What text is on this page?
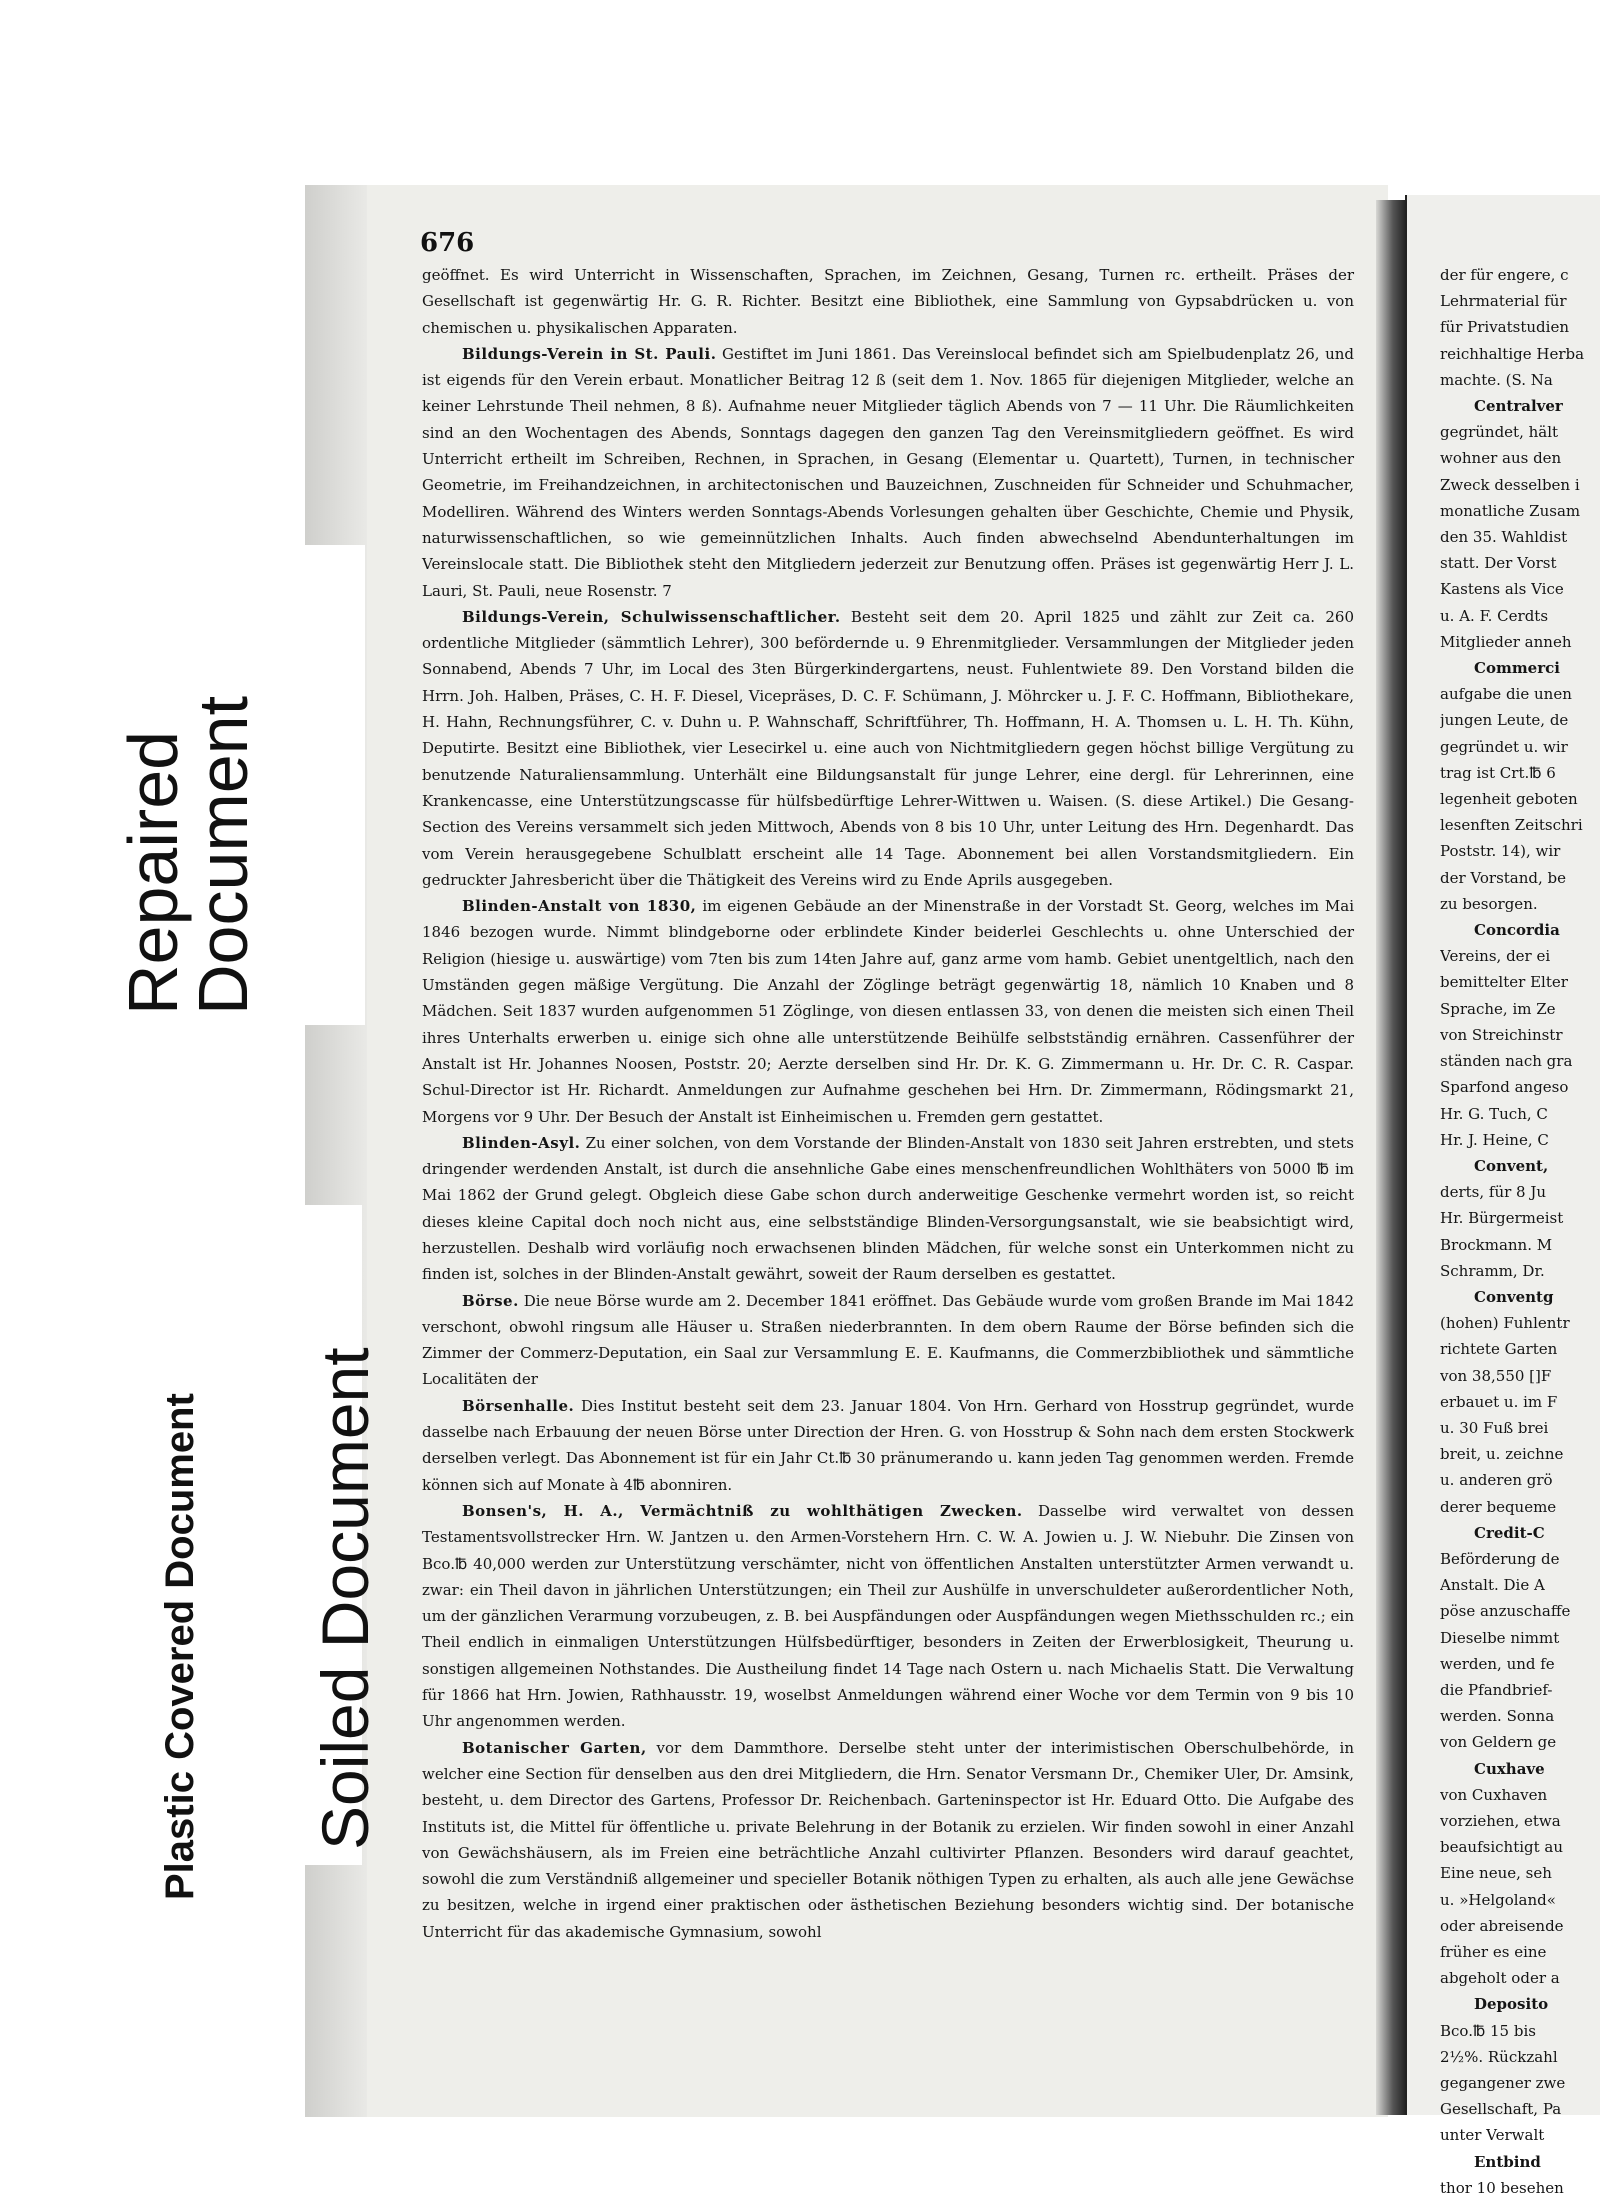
676

geöffnet. Es wird Unterricht in Wissenschaften, Sprachen, im Zeichnen, Gesang, Turnen rc. ertheilt. Präses der Gesellschaft ist gegenwärtig Hr. G. R. Richter. Besitzt eine Bibliothek, eine Sammlung von Gypsabdrücken u. von chemischen u. physikalischen Apparaten.

Bildungs-Verein in St. Pauli. Gestiftet im Juni 1861. Das Vereinslocal befindet sich am Spielbudenplatz 26, und ist eigends für den Verein erbaut. Monatlicher Beitrag 12 ß (seit dem 1. Nov. 1865 für diejenigen Mitglieder, welche an keiner Lehrstunde Theil nehmen, 8 ß). Aufnahme neuer Mitglieder täglich Abends von 7 — 11 Uhr. Die Räumlichkeiten sind an den Wochentagen des Abends, Sonntags dagegen den ganzen Tag den Vereinsmitgliedern geöffnet. Es wird Unterricht ertheilt im Schreiben, Rechnen, in Sprachen, in Gesang (Elementar u. Quartett), Turnen, in technischer Geometrie, im Freihandzeichnen, in architectonischen und Bauzeichnen, Zuschneiden für Schneider und Schuhmacher, Modelliren. Während des Winters werden Sonntags-Abends Vorlesungen gehalten über Geschichte, Chemie und Physik, naturwissenschaftlichen, so wie gemeinnützlichen Inhalts. Auch finden abwechselnd Abendunterhaltungen im Vereinslocale statt. Die Bibliothek steht den Mitgliedern jederzeit zur Benutzung offen. Präses ist gegenwärtig Herr J. L. Lauri, St. Pauli, neue Rosenstr. 7

Bildungs-Verein, Schulwissenschaftlicher. Besteht seit dem 20. April 1825 und zählt zur Zeit ca. 260 ordentliche Mitglieder (sämmtlich Lehrer), 300 befördernde u. 9 Ehrenmitglieder. Versammlungen der Mitglieder jeden Sonnabend, Abends 7 Uhr, im Local des 3ten Bürgerkindergartens, neust. Fuhlentwiete 89. Den Vorstand bilden die Hrrn. Joh. Halben, Präses, C. H. F. Diesel, Vicepräses, D. C. F. Schümann, J. Möhrcker u. J. F. C. Hoffmann, Bibliothekare, H. Hahn, Rechnungsführer, C. v. Duhn u. P. Wahnschaff, Schriftführer, Th. Hoffmann, H. A. Thomsen u. L. H. Th. Kühn, Deputirte. Besitzt eine Bibliothek, vier Lesecirkel u. eine auch von Nichtmitgliedern gegen höchst billige Vergütung zu benutzende Naturaliensammlung. Unterhält eine Bildungsanstalt für junge Lehrer, eine dergl. für Lehrerinnen, eine Krankencasse, eine Unterstützungscasse für hülfsbedürftige Lehrer-Wittwen u. Waisen. (S. diese Artikel.) Die Gesang-Section des Vereins versammelt sich jeden Mittwoch, Abends von 8 bis 10 Uhr, unter Leitung des Hrn. Degenhardt. Das vom Verein herausgegebene Schulblatt erscheint alle 14 Tage. Abonnement bei allen Vorstandsmitgliedern. Ein gedruckter Jahresbericht über die Thätigkeit des Vereins wird zu Ende Aprils ausgegeben.

Blinden-Anstalt von 1830, im eigenen Gebäude an der Minenstraße in der Vorstadt St. Georg, welches im Mai 1846 bezogen wurde. Nimmt blindgeborne oder erblindete Kinder beiderlei Geschlechts u. ohne Unterschied der Religion (hiesige u. auswärtige) vom 7ten bis zum 14ten Jahre auf, ganz arme vom hamb. Gebiet unentgeltlich, nach den Umständen gegen mäßige Vergütung. Die Anzahl der Zöglinge beträgt gegenwärtig 18, nämlich 10 Knaben und 8 Mädchen. Seit 1837 wurden aufgenommen 51 Zöglinge, von diesen entlassen 33, von denen die meisten sich einen Theil ihres Unterhalts erwerben u. einige sich ohne alle unterstützende Beihülfe selbstständig ernähren. Cassenführer der Anstalt ist Hr. Johannes Noosen, Poststr. 20; Aerzte derselben sind Hr. Dr. K. G. Zimmermann u. Hr. Dr. C. R. Caspar. Schul-Director ist Hr. Richardt. Anmeldungen zur Aufnahme geschehen bei Hrn. Dr. Zimmermann, Rödingsmarkt 21, Morgens vor 9 Uhr. Der Besuch der Anstalt ist Einheimischen u. Fremden gern gestattet.

Blinden-Asyl. Zu einer solchen, von dem Vorstande der Blinden-Anstalt von 1830 seit Jahren erstrebten, und stets dringender werdenden Anstalt, ist durch die ansehnliche Gabe eines menschenfreundlichen Wohlthäters von 5000 ℔ im Mai 1862 der Grund gelegt. Obgleich diese Gabe schon durch anderweitige Geschenke vermehrt worden ist, so reicht dieses kleine Capital doch noch nicht aus, eine selbstständige Blinden-Versorgungsanstalt, wie sie beabsichtigt wird, herzustellen. Deshalb wird vorläufig noch erwachsenen blinden Mädchen, für welche sonst ein Unterkommen nicht zu finden ist, solches in der Blinden-Anstalt gewährt, soweit der Raum derselben es gestattet.

Börse. Die neue Börse wurde am 2. December 1841 eröffnet. Das Gebäude wurde vom großen Brande im Mai 1842 verschont, obwohl ringsum alle Häuser u. Straßen niederbrannten. In dem obern Raume der Börse befinden sich die Zimmer der Commerz-Deputation, ein Saal zur Versammlung E. E. Kaufmanns, die Commerzbibliothek und sämmtliche Localitäten der

Börsenhalle. Dies Institut besteht seit dem 23. Januar 1804. Von Hrn. Gerhard von Hosstrup gegründet, wurde dasselbe nach Erbauung der neuen Börse unter Direction der Hren. G. von Hosstrup & Sohn nach dem ersten Stockwerk derselben verlegt. Das Abonnement ist für ein Jahr Ct.℔ 30 pränumerando u. kann jeden Tag genommen werden. Fremde können sich auf Monate à 4℔ abonniren.

Bonsen's, H. A., Vermächtniß zu wohlthätigen Zwecken. Dasselbe wird verwaltet von dessen Testamentsvollstrecker Hrn. W. Jantzen u. den Armen-Vorstehern Hrn. C. W. A. Jowien u. J. W. Niebuhr. Die Zinsen von Bco.℔ 40,000 werden zur Unterstützung verschämter, nicht von öffentlichen Anstalten unterstützter Armen verwandt u. zwar: ein Theil davon in jährlichen Unterstützungen; ein Theil zur Aushülfe in unverschuldeter außerordentlicher Noth, um der gänzlichen Verarmung vorzubeugen, z. B. bei Auspfändungen oder Auspfändungen wegen Miethsschulden rc.; ein Theil endlich in einmaligen Unterstützungen Hülfsbedürftiger, besonders in Zeiten der Erwerblosigkeit, Theurung u. sonstigen allgemeinen Nothstandes. Die Austheilung findet 14 Tage nach Ostern u. nach Michaelis Statt. Die Verwaltung für 1866 hat Hrn. Jowien, Rathhausstr. 19, woselbst Anmeldungen während einer Woche vor dem Termin von 9 bis 10 Uhr angenommen werden.

Botanischer Garten, vor dem Dammthore. Derselbe steht unter der interimistischen Oberschulbehörde, in welcher eine Section für denselben aus den drei Mitgliedern, die Hrn. Senator Versmann Dr., Chemiker Uler, Dr. Amsink, besteht, u. dem Director des Gartens, Professor Dr. Reichenbach. Garteninspector ist Hr. Eduard Otto. Die Aufgabe des Instituts ist, die Mittel für öffentliche u. private Belehrung in der Botanik zu erzielen. Wir finden sowohl in einer Anzahl von Gewächshäusern, als im Freien eine beträchtliche Anzahl cultivirter Pflanzen. Besonders wird darauf geachtet, sowohl die zum Verständniß allgemeiner und specieller Botanik nöthigen Typen zu erhalten, als auch alle jene Gewächse zu besitzen, welche in irgend einer praktischen oder ästhetischen Beziehung besonders wichtig sind. Der botanische Unterricht für das akademische Gymnasium, sowohl

der für engere, c
Lehrmaterial für
für Privatstudien
reichhaltige Herba
machte. (S. Na
Centralver
gegründet, hält
wohner aus den
Zweck desselben i
monatliche Zusam
den 35. Wahldist
statt. Der Vorst
Kastens als Vice
u. A. F. Cerdts
Mitglieder anneh
Commerci
aufgabe die unen
jungen Leute, de
gegründet u. wir
trag ist Crt.℔ 6
legenheit geboten
lesenften Zeitschri
Poststr. 14), wir
der Vorstand, be
zu besorgen.
Concordia
Vereins, der ei
bemittelter Elter
Sprache, im Ze
von Streichinstr
ständen nach gra
Sparfond angeso
Hr. G. Tuch, C
Hr. J. Heine, C
Convent,
derts, für 8 Ju
Hr. Bürgermeist
Brockmann. M
Schramm, Dr.
Conventg
(hohen) Fuhlentr
richtete Garten
von 38,550 []F
erbauet u. im F
u. 30 Fuß brei
breit, u. zeichne
u. anderen grö
derer bequeme
Credit-C
Beförderung de
Anstalt. Die A
pöse anzuschaffe
Dieselbe nimmt
werden, und fe
die Pfandbrief-
werden. Sonna
von Geldern ge
Cuxhave
von Cuxhaven
vorziehen, etwa
beaufsichtigt au
Eine neue, seh
u. »Helgoland«
oder abreisende
früher es eine
abgeholt oder a
Deposito
Bco.℔ 15 bis
2½%. Rückzahl
gegangener zwe
Gesellschaft, Pa
unter Verwalt
Entbind
thor 10 besehen
Repaired
Document
Soiled Document
Plastic Covered Document
